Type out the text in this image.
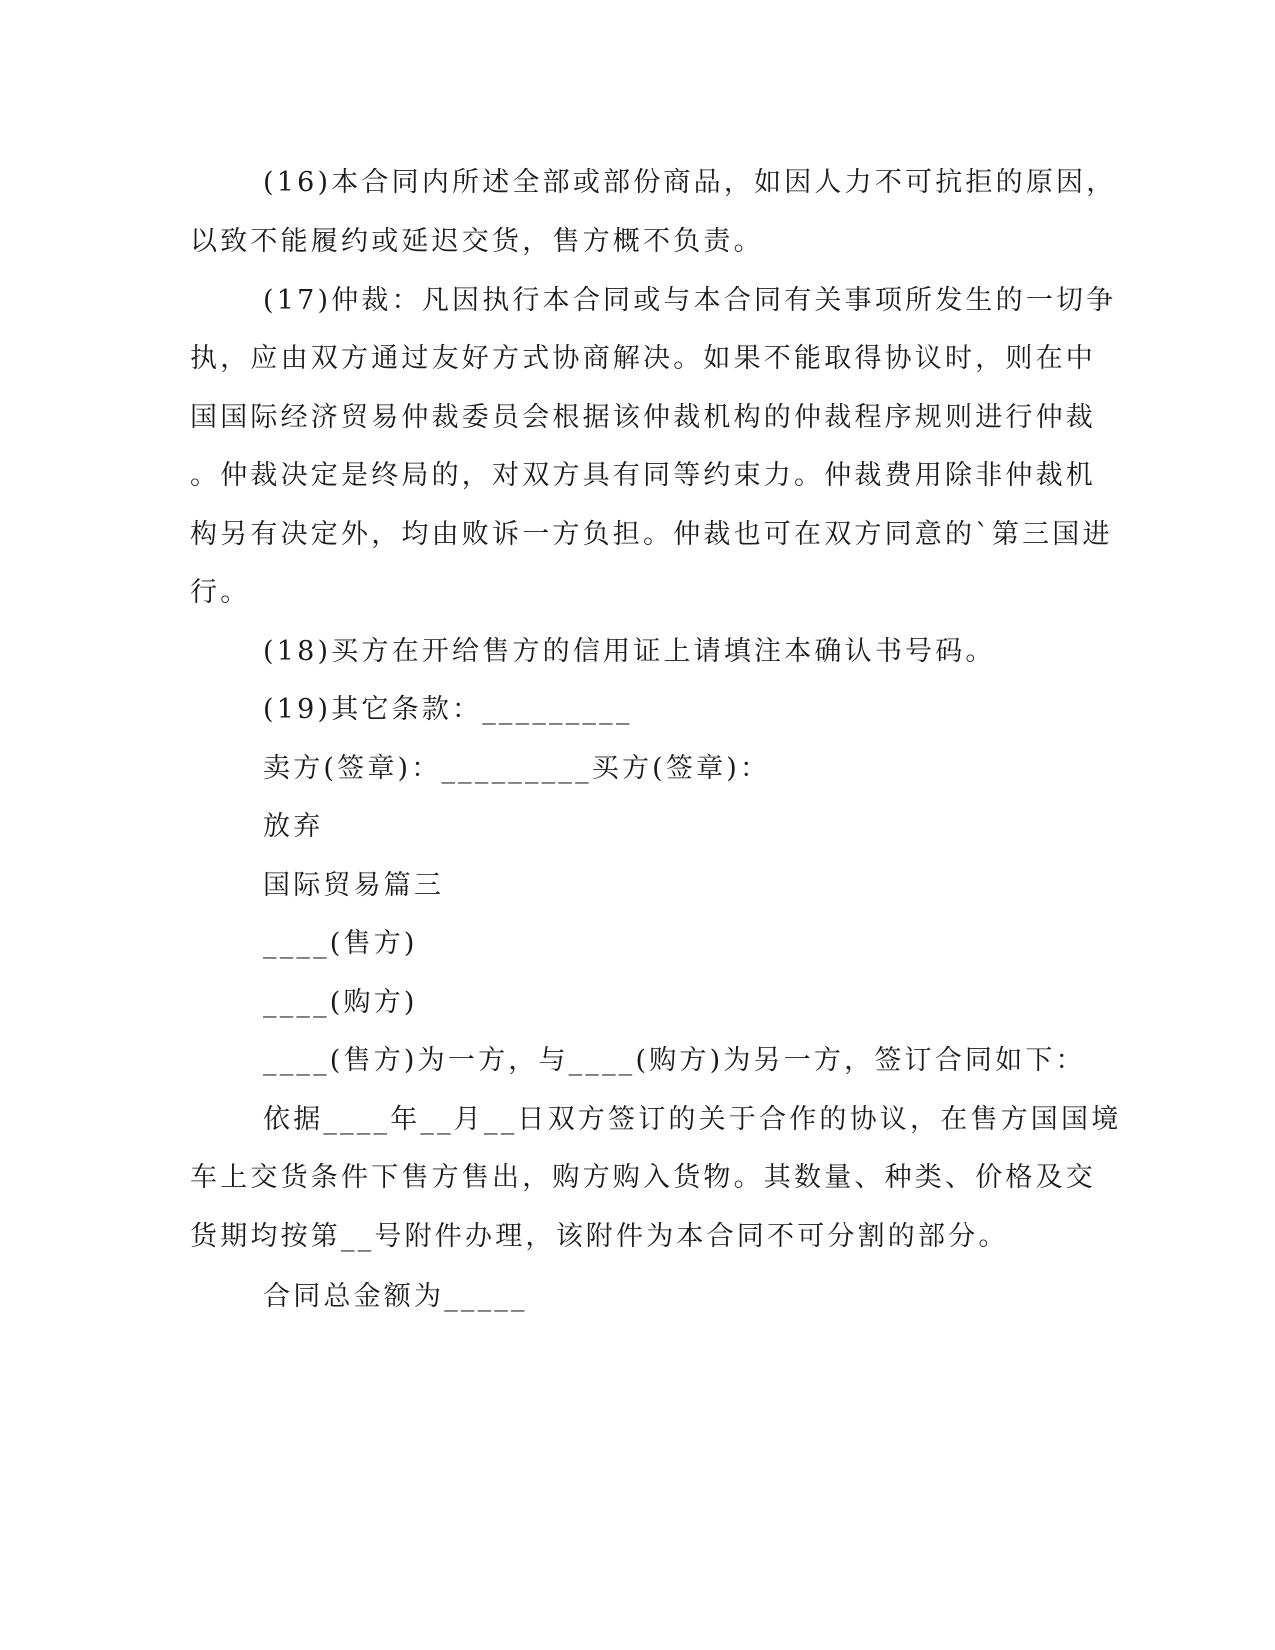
(16)本合同内所述全部或部份商品，如因人力不可抗拒的原因，

以致不能履约或延迟交货，售方概不负责。

(17)仲裁：凡因执行本合同或与本合同有关事项所发生的一切争

执，应由双方通过友好方式协商解决。如果不能取得协议时，则在中

国国际经济贸易仲裁委员会根据该仲裁机构的仲裁程序规则进行仲裁

。仲裁决定是终局的，对双方具有同等约束力。仲裁费用除非仲裁机

构另有决定外，均由败诉一方负担。仲裁也可在双方同意的`第三国进

行。

(18)买方在开给售方的信用证上请填注本确认书号码。

(19)其它条款：_________

卖方(签章)：_________买方(签章)：

放弃

国际贸易篇三

____(售方)

____(购方)

____(售方)为一方，与____(购方)为另一方，签订合同如下：

依据____年__月__日双方签订的关于合作的协议，在售方国国境

车上交货条件下售方售出，购方购入货物。其数量、种类、价格及交

货期均按第__号附件办理，该附件为本合同不可分割的部分。

合同总金额为_____
